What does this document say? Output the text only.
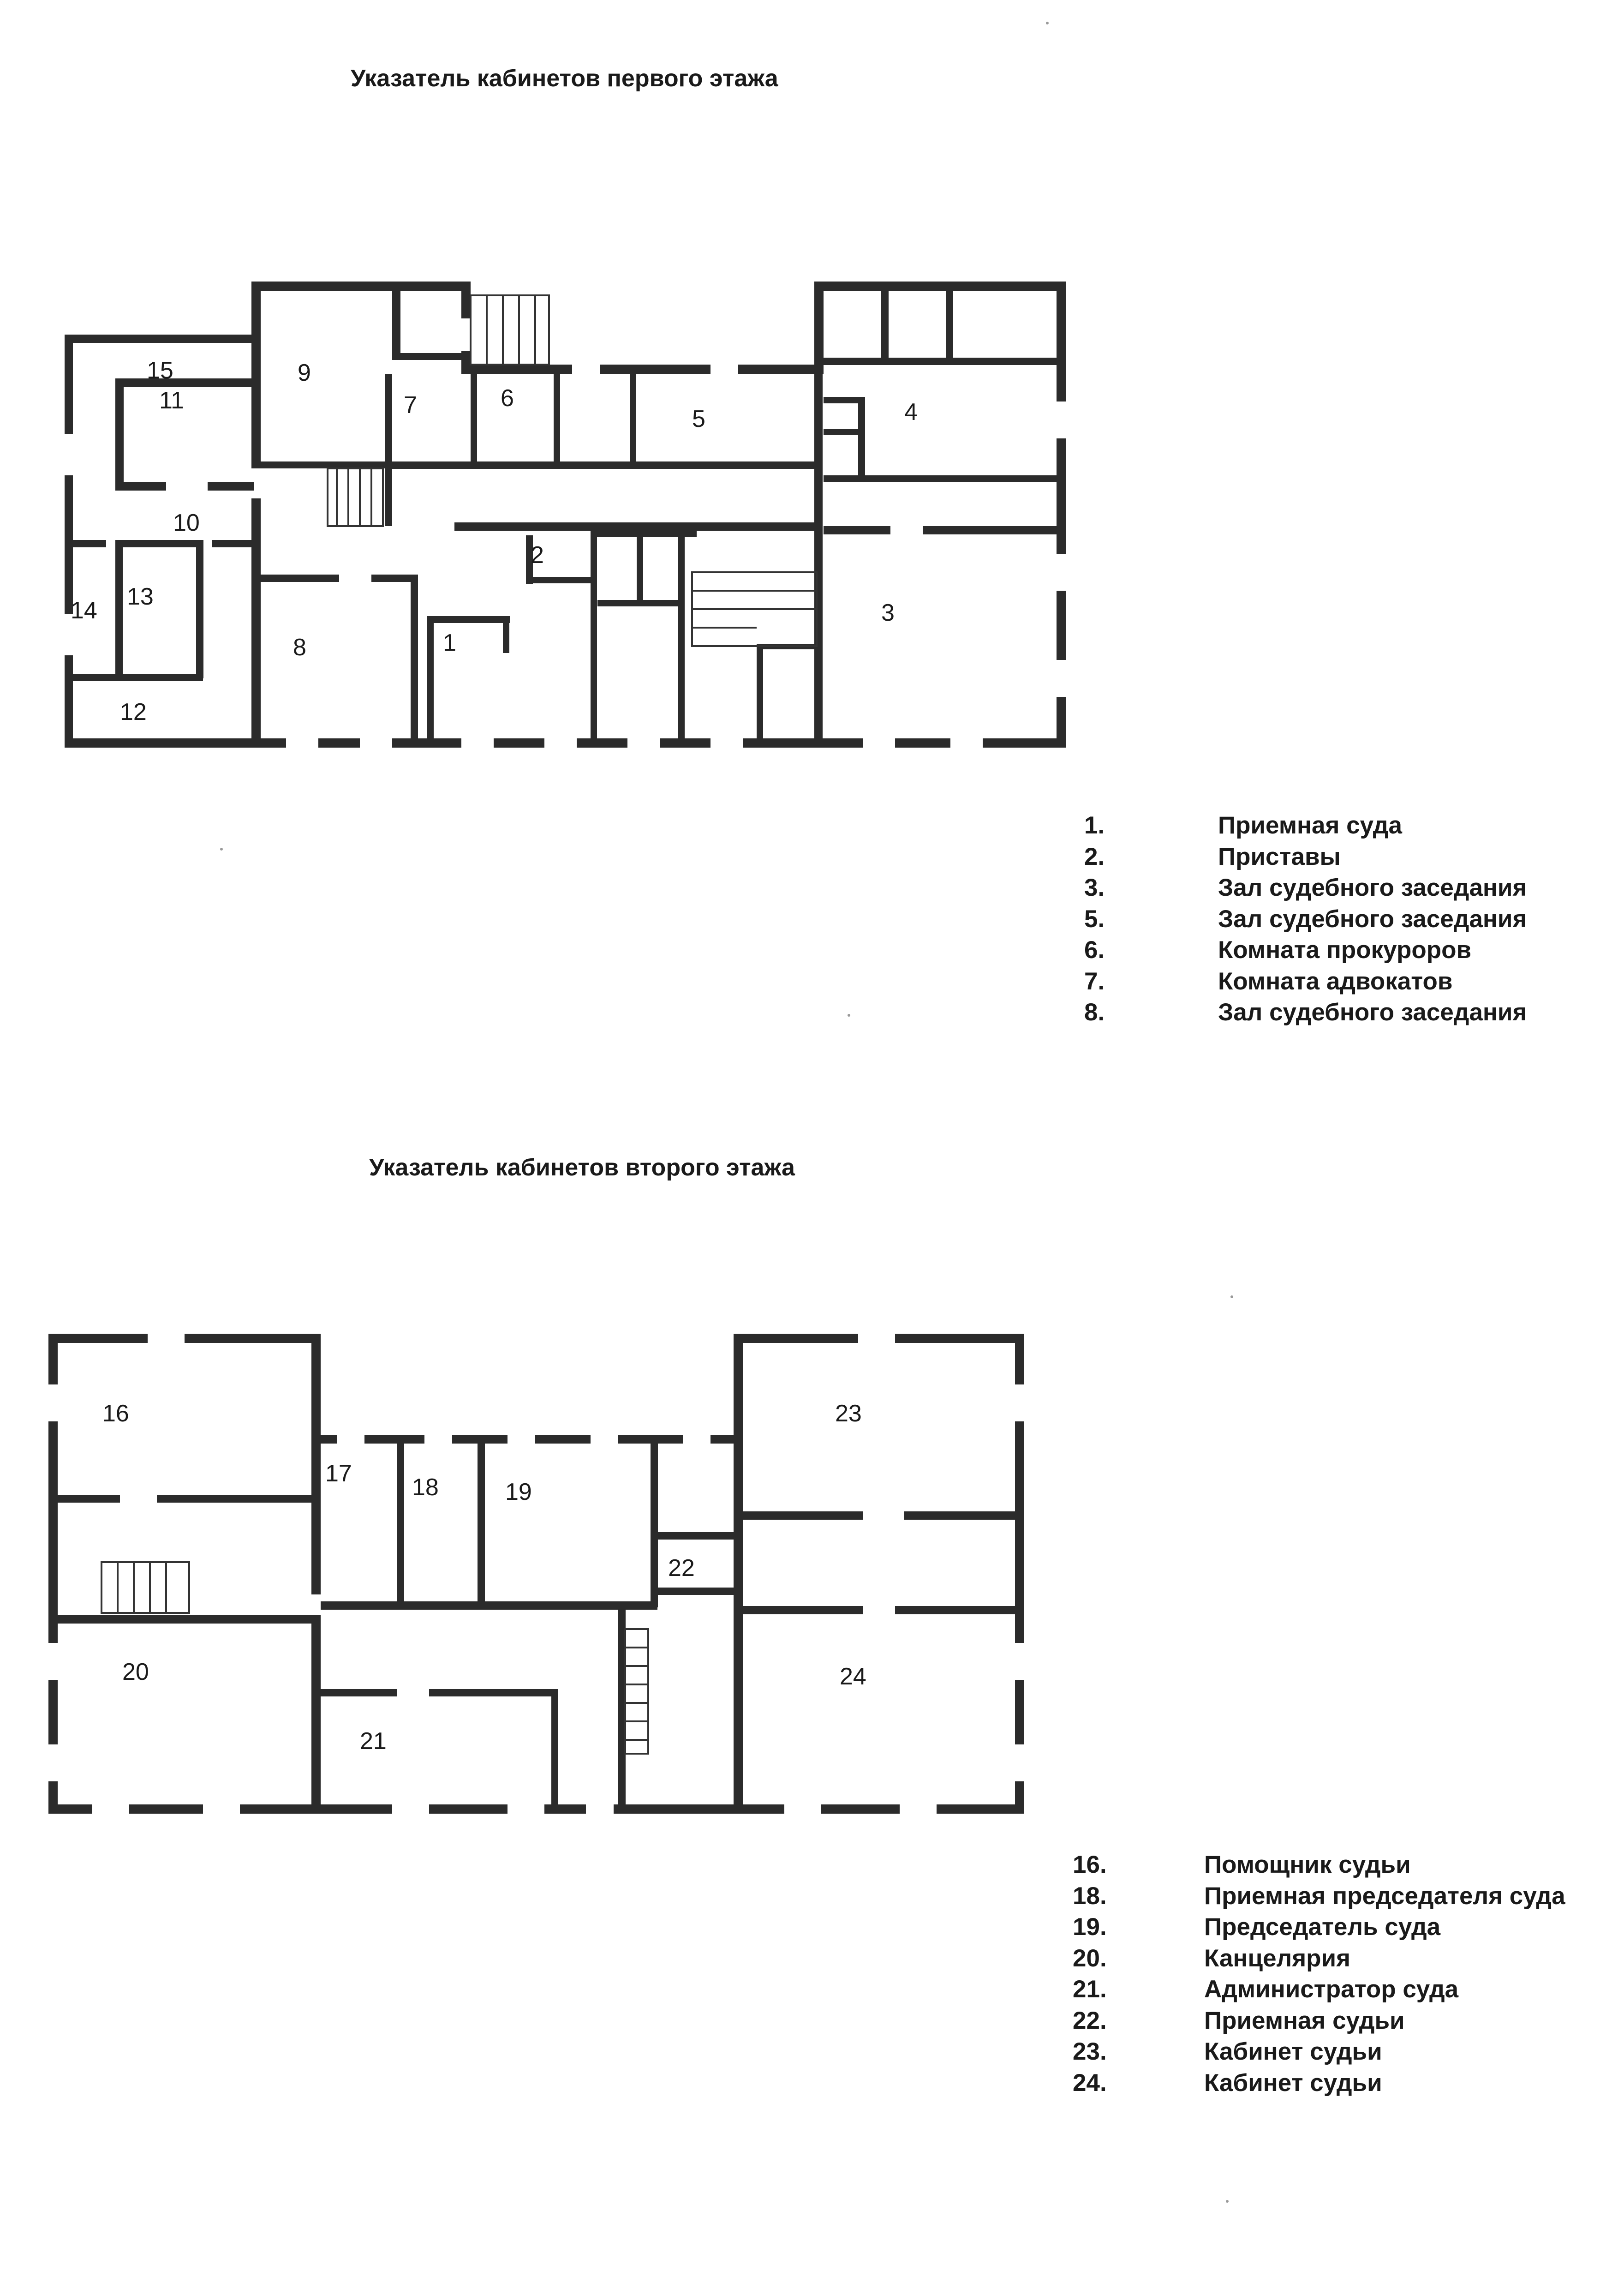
Указатель кабинетов первого этажа
1
2
3
4
5
6
7
8
9
10
11
12
13
14
15
16
17
18	19
20
21
22
23
24
Указатель кабинетов второго этажа
1.	Приемная суда
2.	Приставы
3.	Зал судебного заседания
5.	Зал судебного заседания
6.	Комната прокуроров
7.	Комната адвокатов
8.	Зал судебного заседания
16.	Помощник судьи
18.	Приемная председателя суда
19.	Председатель суда
20.	Канцелярия
21.	Администратор суда
22.	Приемная судьи
23.	Кабинет судьи
24.	Кабинет судьи
